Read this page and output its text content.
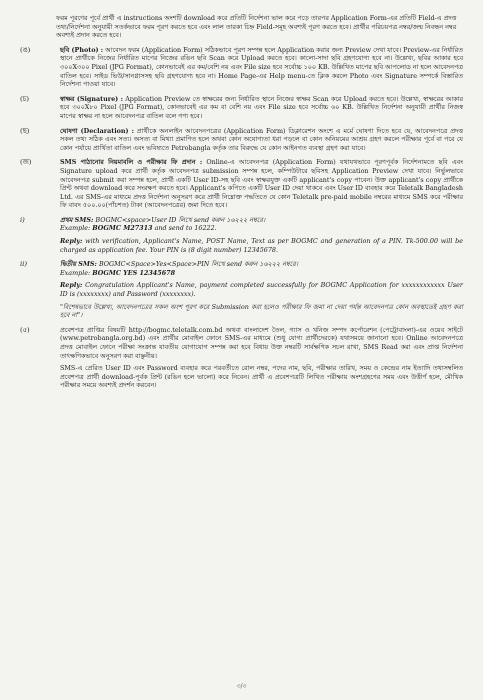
ফরম পূরণের পূর্বে প্রার্থী এ instructions অংশটি download করে প্রতিটি নির্দেশনা ভাল করে পড়ে তারপর Application Form-এর প্রতিটি Field-এ প্রদত্ত তথ্য/নির্দেশনা অনুযায়ী সতর্কভাবে ফরম পূরণ করতে হবে এবং লাল তারকা চিহ্ন Field-সমূহ অবশ্যই পূরণ করতে হবে। প্রার্থীর পরিচয়পত্র নম্বর/জন্ম নিবন্ধন নম্বর অবশ্যই প্রদান করতে হবে।
(ঙ)	ছবি (Photo) : আবেদন ফরম (Application Form) সঠিকভাবে পূরণ সম্পন্ন হলে Application করার জন্য Preview দেখা যাবে। Preview-এর নির্ধারিত স্থানে প্রার্থীকে নিজের নির্ধারিত মাপের নিজের রঙিন ছবি Scan করে Upload করতে হবে। কালো-সাদা ছবি গ্রহণযোগ্য হবে না। উল্লেখ্য, ছবির আকার হবে ৩০০X৩০০ Pixel (JPG Format), কোনভাবেই এর কম/বেশি নয় এবং File size হবে সর্বোচ্চ ১০০ KB. উল্লিখিত মাপের ছবি আপলোড না হলে আবেদনপত্র বাতিল হবে। সাইড ভিউ/সানগ্লাসসহ ছবি গ্রহণযোগ্য হবে না। Home Page-এর Help menu-তে ক্লিক করলে Photo এবং Signature সম্পর্কে বিস্তারিত নির্দেশনা পাওয়া যাবে।
(চ)	স্বাক্ষর (Signature) : Application Preview তে স্বাক্ষরের জন্য নির্ধারিত স্থানে নিজের স্বাক্ষর Scan করে Upload করতে হবে। উল্লেখ্য, স্বাক্ষরের আকার হবে ৩০০X৮০ Pixel (JPG Format), কোনভাবেই এর কম বা বেশি নয় এবং File size হবে সর্বোচ্চ ৬০ KB. উল্লিখিত নির্দেশনা অনুযায়ী প্রার্থীর নিজস্ব মাপের স্বাক্ষর না হলে আবেদনপত্র বাতিল বলে গণ্য হবে।
(ছ)	ঘোষণা (Declaration) : প্রার্থীকে অনলাইন আবেদনপত্রের (Application Form) ডিক্লারেশন অংশে এ মর্মে ঘোষণা দিতে হবে যে, আবেদনপত্রে প্রদত্ত সকল তথ্য সঠিক এবং সত্য। অসত্য বা মিথ্যা প্রমাণিত হলে অথবা কোন অযোগ্যতা ধরা পড়লে বা কোন অনিয়মের আশ্রয় গ্রহণ করলে পরীক্ষার পূর্বে বা পরে যে কোন পর্যায়ে প্রার্থিতা বাতিল এবং ভবিষ্যতে Petrobangla কর্তৃক তার বিরুদ্ধে যে কোন আইনগত ব্যবস্থা গ্রহণ করা যাবে।
(জ)	SMS পাঠানোর নিয়মাবলি ও পরীক্ষার ফি প্রদান : Online-এ আবেদনপত্র (Application Form) যথাযথভাবে পূরণপূর্বক নির্দেশনামতে ছবি এবং Signature upload করে প্রার্থী কর্তৃক আবেদনপত্র submission সম্পন্ন হলে, কম্পিউটারে ছবিসহ Application Preview দেখা যাবে। নির্ভুলভাবে আবেদনপত্র submit করা সম্পন্ন হলে, প্রার্থী একটি User ID-সহ ছবি এবং স্বাক্ষরযুক্ত একটি applicant's copy পাবেন। উক্ত applicant's copy প্রার্থীকে প্রিন্ট অথবা download করে সংরক্ষণ করতে হবে। Applicant's কপিতে একটি User ID দেয়া থাকবে এবং User ID ব্যবহার করে Teletalk Bangladesh Ltd. এর SMS-এর মাধ্যমে প্রদত্ত নির্দেশনা অনুসরণ করে প্রার্থী নিম্নোক্ত পদ্ধতিতে যে কোন Teletalk pre-paid mobile নম্বরের মাধ্যমে SMS করে পরীক্ষার ফি বাবদ ৫০০.০০(পাঁচশত) টাকা (আবেদনপত্রের) জমা দিতে হবে।
i)	প্রথম SMS: BOGMC<space>User ID লিখে send করুন ১৬২২২ নম্বরে।
Example: BOGMC M27313 and send to 16222.
Reply: with verification, Applicant's Name, POST Name, Text as per BOGMC and generation of a PIN. Tk-500.00 will be charged as application fee. Your PIN is (8 digit number) 12345678.
ii)	দ্বিতীয় SMS: BOGMC<Space>Yes<Space>PIN লিখে send করুন ১৬২২২ নম্বরে।
Example: BOGMC YES 12345678
Reply: Congratulation Applicant's Name, payment completed successfully for BOGMC Application for xxxxxxxxxxxx User ID is (xxxxxxxx) and Password (xxxxxxxx).
"বিশেষভাবে উল্লেখ্য, আবেদনপত্রের সকল অংশ পূরণ করে Submission করা হলেও পরীক্ষার ফি জমা না দেয়া পর্যন্ত আবেদনপত্র কোন অবস্থাতেই গ্রহণ করা হবে না"।
(৫)	প্রবেশপত্র প্রাপ্তির বিষয়টি http://bogmc.teletalk.com.bd অথবা বাংলাদেশ তৈল, গ্যাস ও খনিজ সম্পদ কর্পোরেশন (পেট্রোবাংলা)-এর ওয়েব সাইটে (www.petrobangla.org.bd) এবং প্রার্থীর মোবাইল ফোনে SMS-এর মাধ্যমে (শুধু যোগ্য প্রার্থীদেরকে) যথাসময়ে জানানো হবে। Online আবেদনপত্রে প্রদত্ত মোবাইল ফোনে পরীক্ষা সংক্রান্ত যাবতীয় যোগাযোগ সম্পন্ন করা হবে বিধায় উক্ত নম্বরটি সার্বক্ষণিক সচল রাখা, SMS Read করা এবং প্রাপ্ত নির্দেশনা তাৎক্ষণিকভাবে অনুসরণ করা বাঞ্ছনীয়।
SMS-এ প্রেরিত User ID এবং Password ব্যবহার করে পরবর্তীতে রোল নম্বর, পদের নাম, ছবি, পরীক্ষার তারিখ, সময় ও কেন্দ্রের নাম ইত্যাদি তথ্যসম্বলিত প্রবেশপত্র প্রার্থী download-পূর্বক প্রিন্ট (রঙিন হলে ভালো) করে নিবেন। প্রার্থী এ প্রবেশপত্রটি লিখিত পরীক্ষায় অংশগ্রহণের সময় এবং উত্তীর্ণ হলে, মৌখিক পরীক্ষার সময়ে অবশ্যই প্রদর্শন করবেন।
৩/৩
